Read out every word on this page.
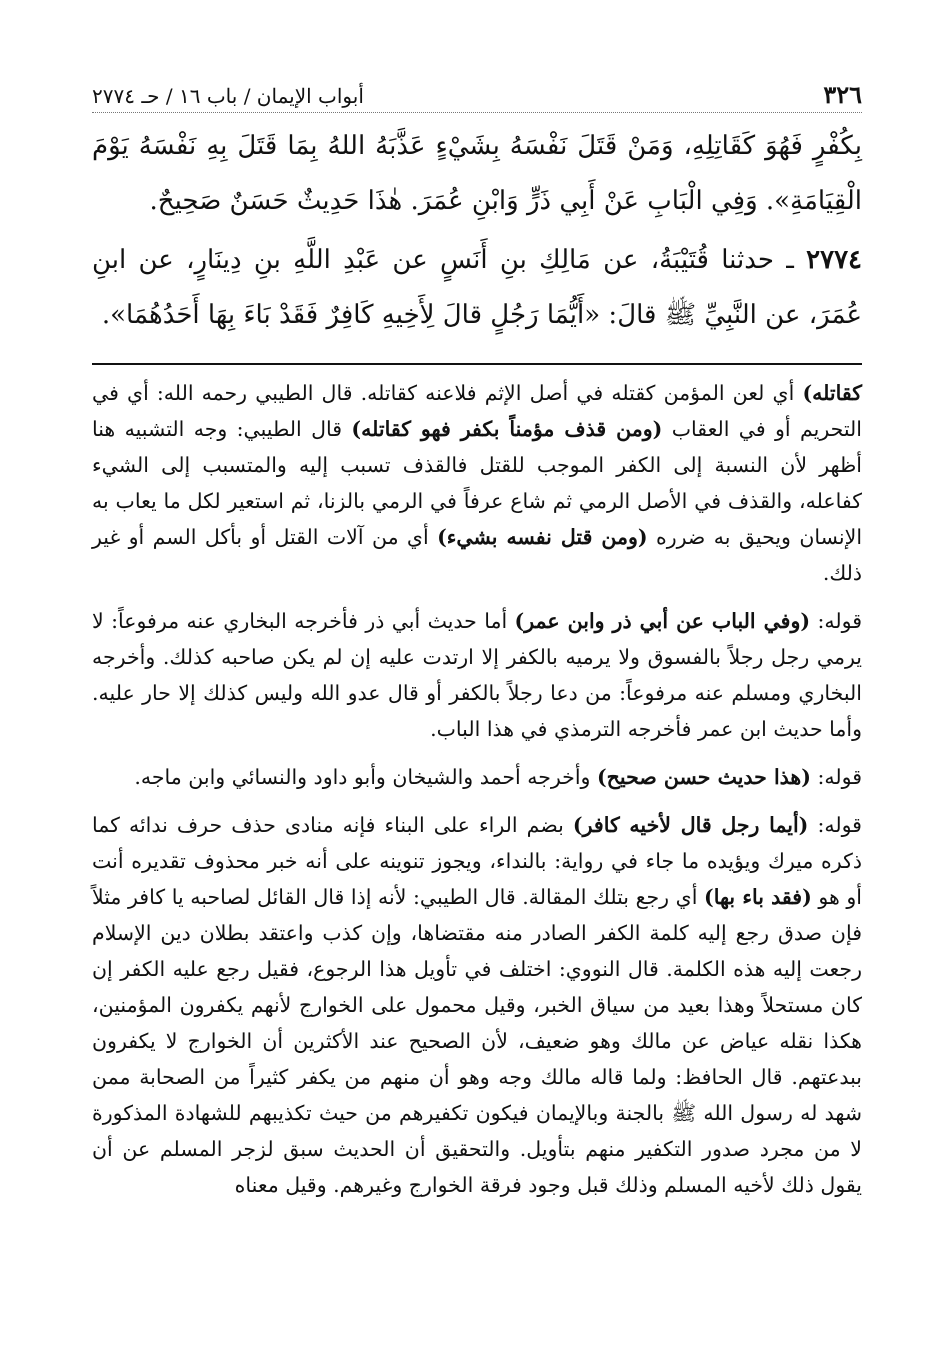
٣٢٦
أبواب الإيمان / باب ١٦ / حـ ٢٧٧٤

بِكُفْرٍ فَهُوَ كَقَاتِلِهِ، وَمَنْ قَتَلَ نَفْسَهُ بِشَيْءٍ عَذَّبَهُ اللهُ بِمَا قَتَلَ بِهِ نَفْسَهُ يَوْمَ الْقِيَامَةِ». وَفِي الْبَابِ عَنْ أَبِي ذَرٍّ وَابْنِ عُمَرَ. هٰذَا حَدِيثٌ حَسَنٌ صَحِيحٌ.

٢٧٧٤ ـ حدثنا قُتَيْبَةُ، عن مَالِكِ بنِ أَنَسٍ عن عَبْدِ اللَّهِ بنِ دِينَارٍ، عن ابنِ عُمَرَ، عن النَّبِيِّ ﷺ قالَ: «أَيُّمَا رَجُلٍ قالَ لِأَخِيهِ كَافِرٌ فَقَدْ بَاءَ بِهَا أَحَدُهُمَا».

كقاتله) أي لعن المؤمن كقتله في أصل الإثم فلاعنه كقاتله. قال الطيبي رحمه الله: أي في التحريم أو في العقاب (ومن قذف مؤمناً بكفر فهو كقاتله) قال الطيبي: وجه التشبيه هنا أظهر لأن النسبة إلى الكفر الموجب للقتل فالقذف تسبب إليه والمتسبب إلى الشيء كفاعله، والقذف في الأصل الرمي ثم شاع عرفاً في الرمي بالزنا، ثم استعير لكل ما يعاب به الإنسان ويحيق به ضرره (ومن قتل نفسه بشيء) أي من آلات القتل أو بأكل السم أو غير ذلك.

قوله: (وفي الباب عن أبي ذر وابن عمر) أما حديث أبي ذر فأخرجه البخاري عنه مرفوعاً: لا يرمي رجل رجلاً بالفسوق ولا يرميه بالكفر إلا ارتدت عليه إن لم يكن صاحبه كذلك. وأخرجه البخاري ومسلم عنه مرفوعاً: من دعا رجلاً بالكفر أو قال عدو الله وليس كذلك إلا حار عليه. وأما حديث ابن عمر فأخرجه الترمذي في هذا الباب.

قوله: (هذا حديث حسن صحيح) وأخرجه أحمد والشيخان وأبو داود والنسائي وابن ماجه.

قوله: (أيما رجل قال لأخيه كافر) بضم الراء على البناء فإنه منادى حذف حرف ندائه كما ذكره ميرك ويؤيده ما جاء في رواية: بالنداء، ويجوز تنوينه على أنه خبر محذوف تقديره أنت أو هو (فقد باء بها) أي رجع بتلك المقالة. قال الطيبي: لأنه إذا قال القائل لصاحبه يا كافر مثلاً فإن صدق رجع إليه كلمة الكفر الصادر منه مقتضاها، وإن كذب واعتقد بطلان دين الإسلام رجعت إليه هذه الكلمة. قال النووي: اختلف في تأويل هذا الرجوع، فقيل رجع عليه الكفر إن كان مستحلاً وهذا بعيد من سياق الخبر، وقيل محمول على الخوارج لأنهم يكفرون المؤمنين، هكذا نقله عياض عن مالك وهو ضعيف، لأن الصحيح عند الأكثرين أن الخوارج لا يكفرون ببدعتهم. قال الحافظ: ولما قاله مالك وجه وهو أن منهم من يكفر كثيراً من الصحابة ممن شهد له رسول الله ﷺ بالجنة وبالإيمان فيكون تكفيرهم من حيث تكذيبهم للشهادة المذكورة لا من مجرد صدور التكفير منهم بتأويل. والتحقيق أن الحديث سبق لزجر المسلم عن أن يقول ذلك لأخيه المسلم وذلك قبل وجود فرقة الخوارج وغيرهم. وقيل معناه
